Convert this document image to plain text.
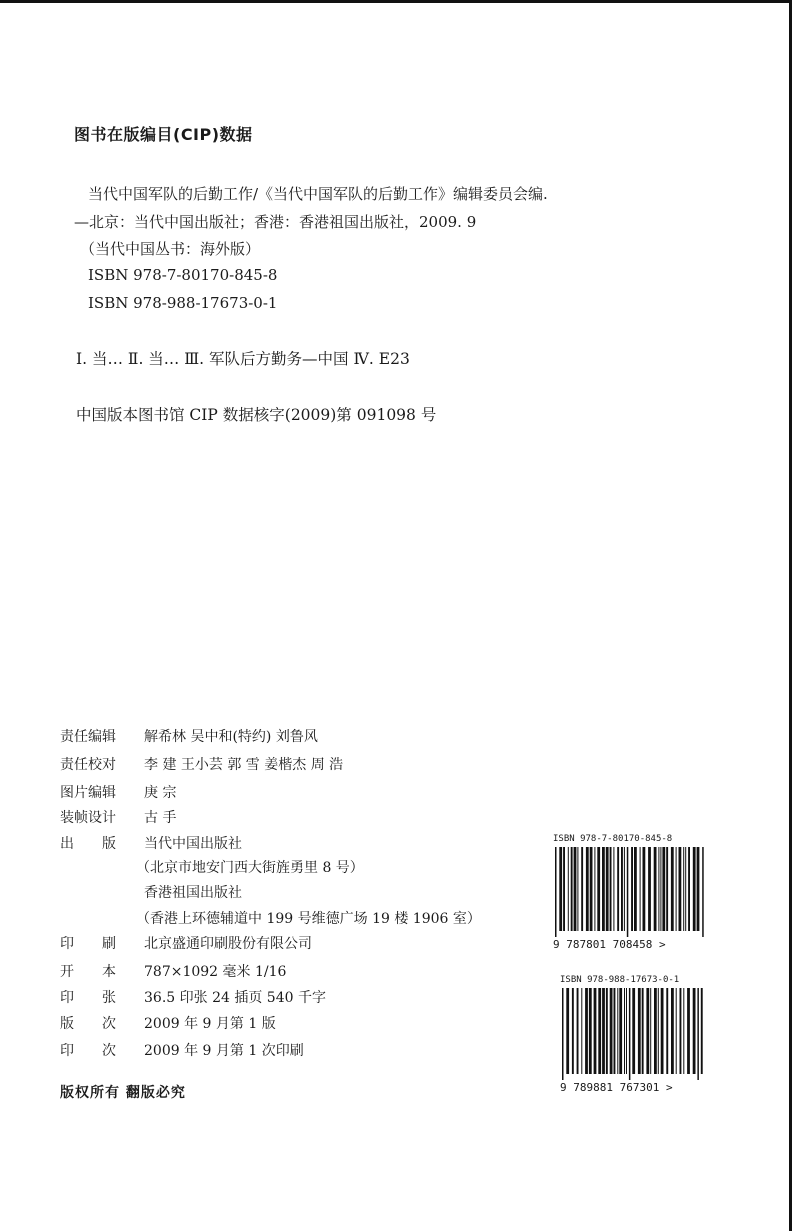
图书在版编目(CIP)数据
当代中国军队的后勤工作/《当代中国军队的后勤工作》编辑委员会编.
—北京：当代中国出版社；香港：香港祖国出版社，2009. 9
（当代中国丛书：海外版）
ISBN 978-7-80170-845-8
ISBN 978-988-17673-0-1
Ⅰ. 当… Ⅱ. 当… Ⅲ. 军队后方勤务—中国 Ⅳ. E23
中国版本图书馆 CIP 数据核字(2009)第 091098 号
责任编辑	解希林 吴中和(特约) 刘鲁风
责任校对	李 建 王小芸 郭 雪 姜楷杰 周 浩
图片编辑	庚 宗
装帧设计	古 手
出　　版	当代中国出版社
（北京市地安门西大街旌勇里 8 号）
香港祖国出版社
（香港上环德辅道中 199 号维德广场 19 楼 1906 室）
印　　刷	北京盛通印刷股份有限公司
开　　本	787×1092 毫米 1/16
印　　张	36.5 印张 24 插页 540 千字
版　　次	2009 年 9 月第 1 版
印　　次	2009 年 9 月第 1 次印刷
版权所有 翻版必究
ISBN 978-7-80170-845-8
9 787801 708458 >
ISBN 978-988-17673-0-1
9 789881 767301 >
